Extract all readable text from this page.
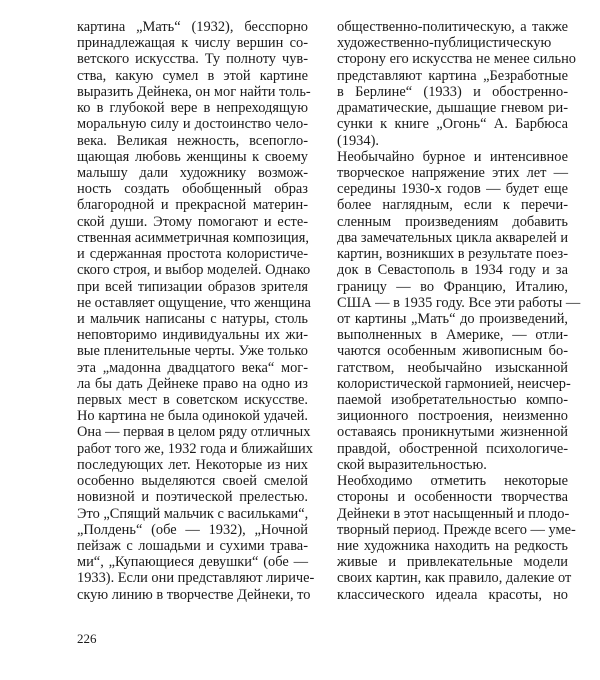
картина „Мать“ (1932), бесспорно
принадлежащая к числу вершин со-
ветского искусства. Ту полноту чув-
ства, какую сумел в этой картине
выразить Дейнека, он мог найти толь-
ко в глубокой вере в непреходящую
моральную силу и достоинство чело-
века. Великая нежность, всепогло-
щающая любовь женщины к своему
малышу дали художнику возмож-
ность создать обобщенный образ
благородной и прекрасной материн-
ской души. Этому помогают и есте-
ственная асимметричная композиция,
и сдержанная простота колористиче-
ского строя, и выбор моделей. Однако
при всей типизации образов зрителя
не оставляет ощущение, что женщина
и мальчик написаны с натуры, столь
неповторимо индивидуальны их жи-
вые пленительные черты. Уже только
эта „мадонна двадцатого века“ мог-
ла бы дать Дейнеке право на одно из
первых мест в советском искусстве.
Но картина не была одинокой удачей.
Она — первая в целом ряду отличных
работ того же, 1932 года и ближайших
последующих лет. Некоторые из них
особенно выделяются своей смелой
новизной и поэтической прелестью.
Это „Спящий мальчик с васильками“,
„Полдень“ (обе — 1932), „Ночной
пейзаж с лошадьми и сухими трава-
ми“, „Купающиеся девушки“ (обе —
1933). Если они представляют лириче-
скую линию в творчестве Дейнеки, то
общественно-политическую, а также
художественно-публицистическую
сторону его искусства не менее сильно
представляют картина „Безработные
в Берлине“ (1933) и обостренно-
драматические, дышащие гневом ри-
сунки к книге „Огонь“ А. Барбюса
(1934).
Необычайно бурное и интенсивное
творческое напряжение этих лет —
середины 1930-х годов — будет еще
более наглядным, если к перечи-
сленным произведениям добавить
два замечательных цикла акварелей и
картин, возникших в результате поез-
док в Севастополь в 1934 году и за
границу — во Францию, Италию,
США — в 1935 году. Все эти работы —
от картины „Мать“ до произведений,
выполненных в Америке, — отли-
чаются особенным живописным бо-
гатством, необычайно изысканной
колористической гармонией, неисчер-
паемой изобретательностью компо-
зиционного построения, неизменно
оставаясь проникнутыми жизненной
правдой, обостренной психологиче-
ской выразительностью.
Необходимо отметить некоторые
стороны и особенности творчества
Дейнеки в этот насыщенный и плодо-
творный период. Прежде всего — уме-
ние художника находить на редкость
живые и привлекательные модели
своих картин, как правило, далекие от
классического идеала красоты, но
226
